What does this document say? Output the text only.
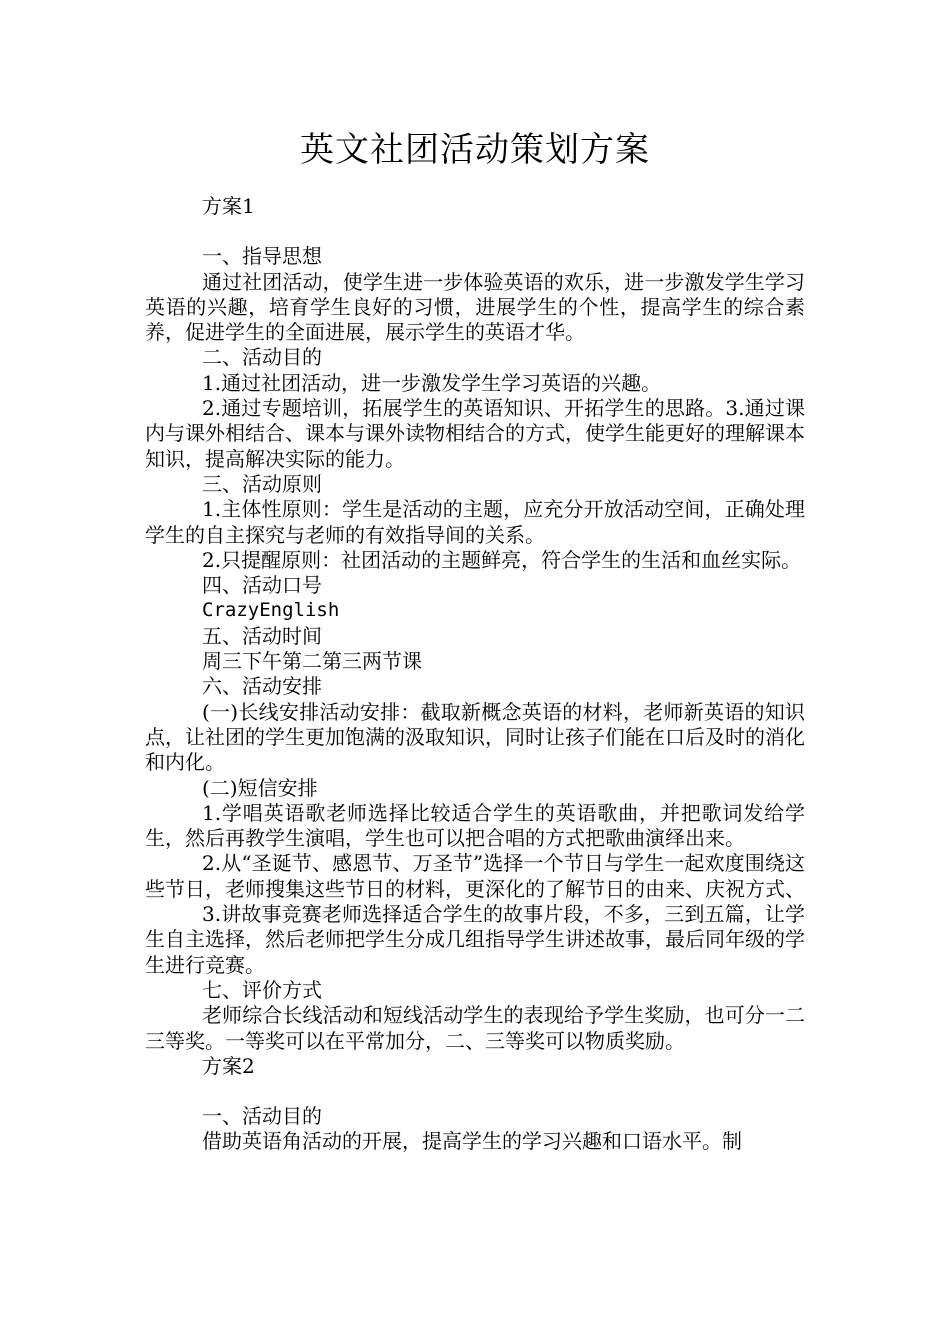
英文社团活动策划方案

方案1

一、指导思想

通过社团活动，使学生进一步体验英语的欢乐，进一步激发学生学习英语的兴趣，培育学生良好的习惯，进展学生的个性，提高学生的综合素养，促进学生的全面进展，展示学生的英语才华。

二、活动目的

1.通过社团活动，进一步激发学生学习英语的兴趣。

2.通过专题培训，拓展学生的英语知识、开拓学生的思路。3.通过课内与课外相结合、课本与课外读物相结合的方式，使学生能更好的理解课本知识，提高解决实际的能力。

三、活动原则

1.主体性原则：学生是活动的主题，应充分开放活动空间，正确处理学生的自主探究与老师的有效指导间的关系。

2.只提醒原则：社团活动的主题鲜亮，符合学生的生活和血丝实际。

四、活动口号

CrazyEnglish

五、活动时间

周三下午第二第三两节课

六、活动安排

(一)长线安排活动安排：截取新概念英语的材料，老师新英语的知识点，让社团的学生更加饱满的汲取知识，同时让孩子们能在口后及时的消化和内化。

(二)短信安排

1.学唱英语歌老师选择比较适合学生的英语歌曲，并把歌词发给学生，然后再教学生演唱，学生也可以把合唱的方式把歌曲演绎出来。

2.从“圣诞节、感恩节、万圣节”选择一个节日与学生一起欢度围绕这些节日，老师搜集这些节日的材料，更深化的了解节日的由来、庆祝方式、

3.讲故事竞赛老师选择适合学生的故事片段，不多，三到五篇，让学生自主选择，然后老师把学生分成几组指导学生讲述故事，最后同年级的学生进行竞赛。

七、评价方式

老师综合长线活动和短线活动学生的表现给予学生奖励，也可分一二三等奖。一等奖可以在平常加分，二、三等奖可以物质奖励。

方案2

一、活动目的

借助英语角活动的开展，提高学生的学习兴趣和口语水平。制
